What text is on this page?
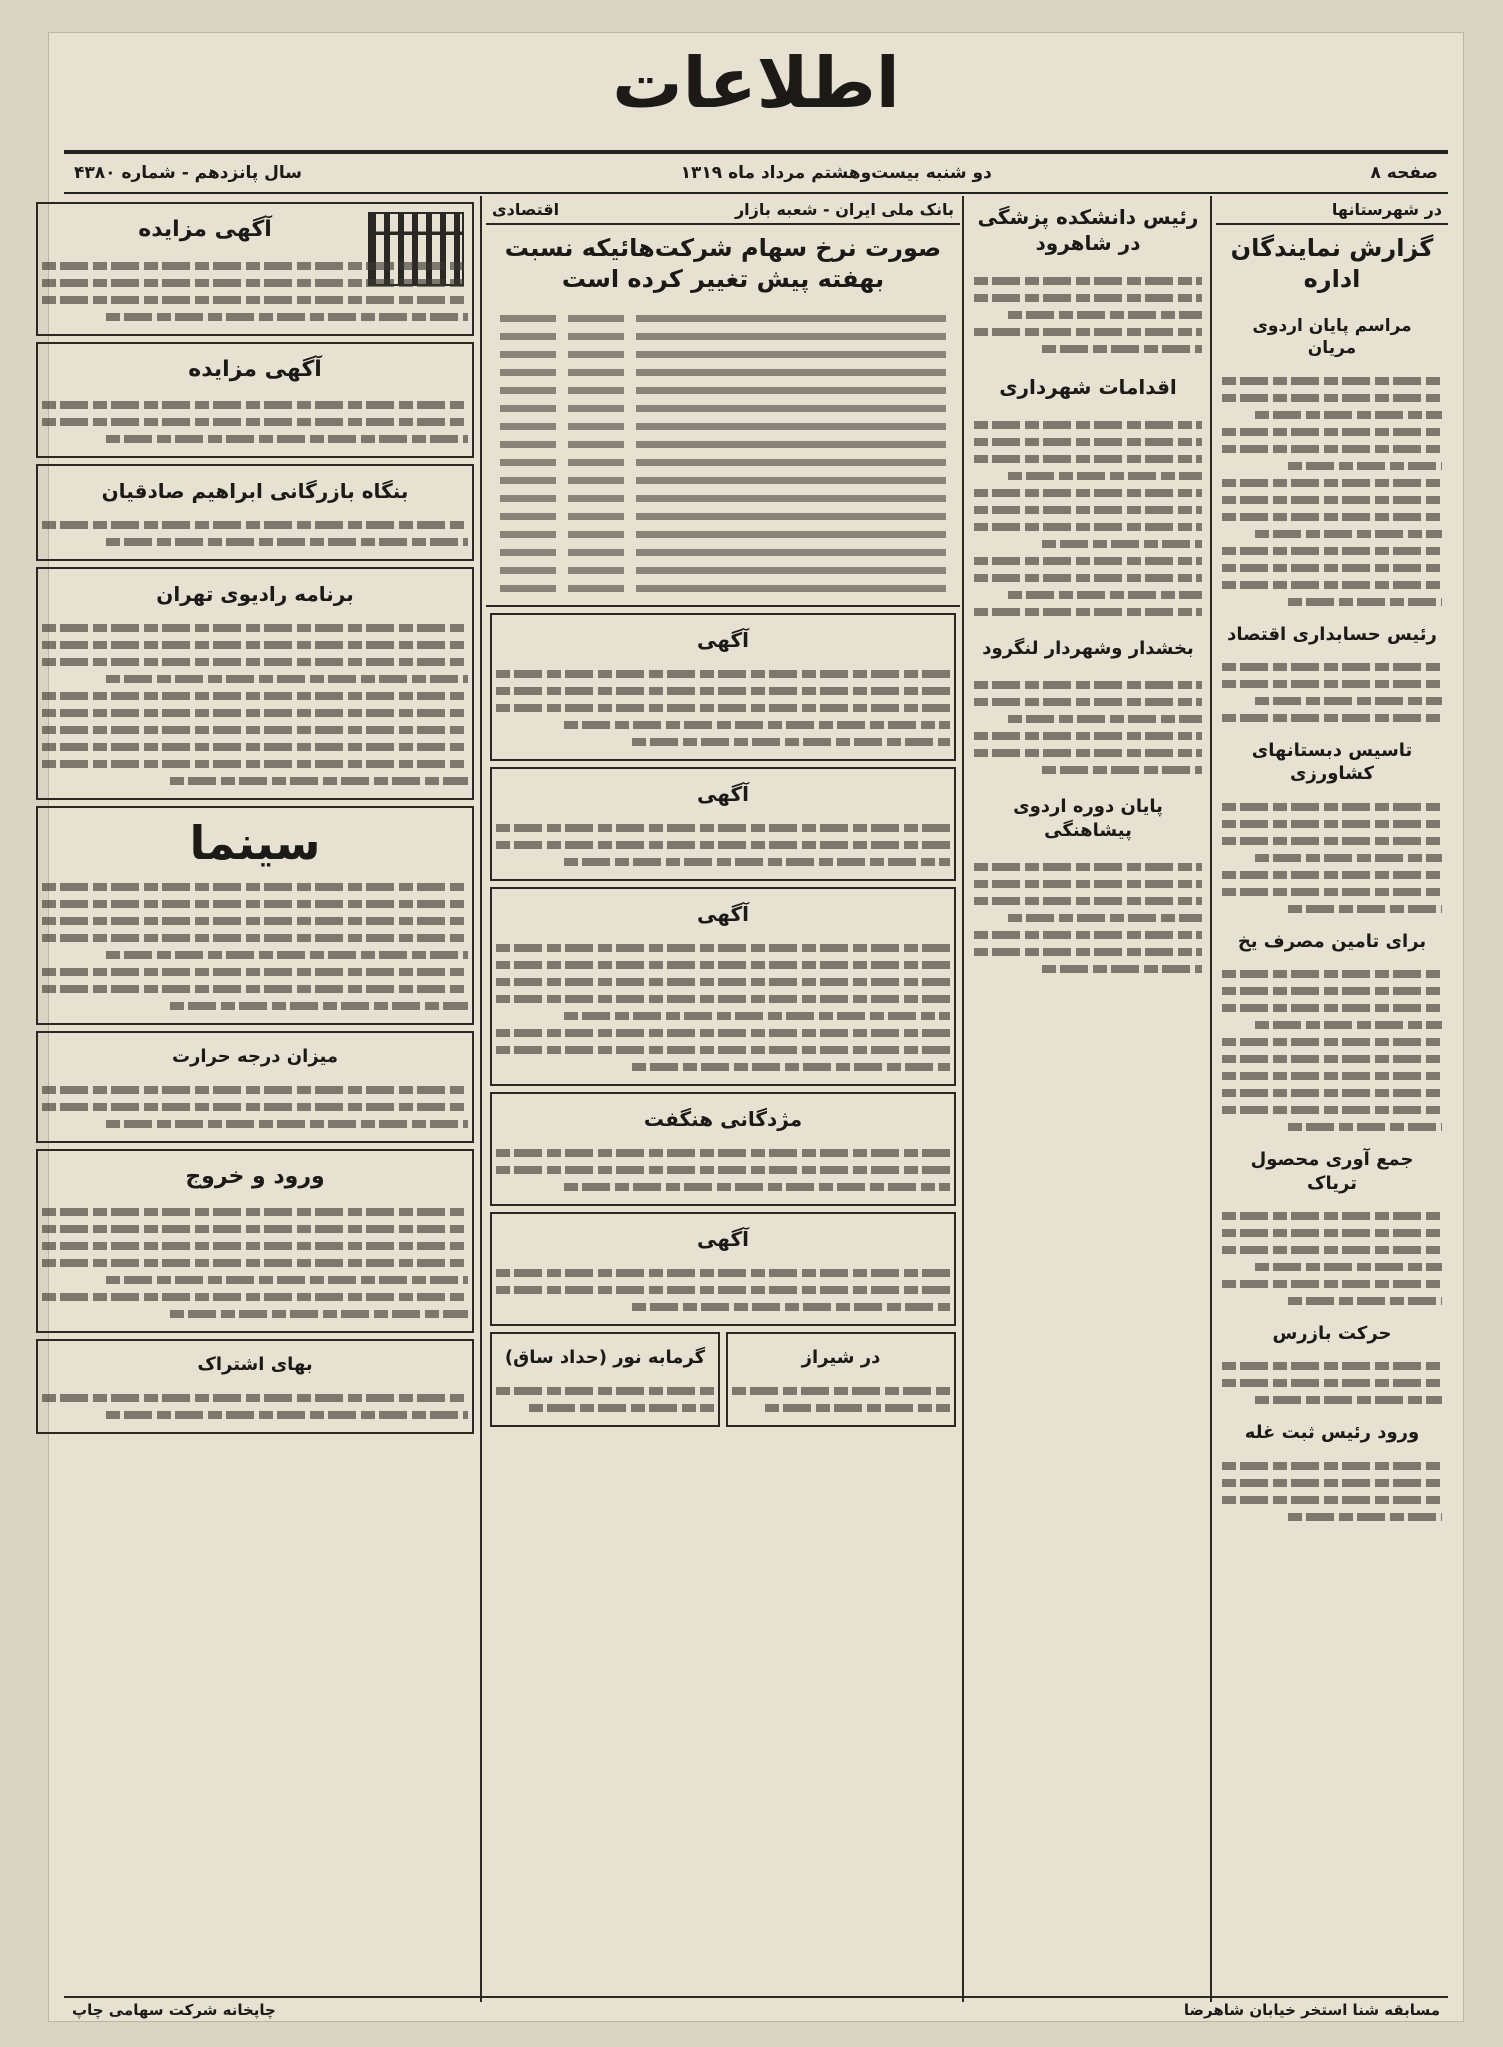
اطلاعات
صفحه ۸
دو شنبه بیست‌وهشتم مرداد ماه ۱۳۱۹
سال پانزدهم - شماره ۴۳۸۰
در شهرستانها
گزارش نمایندگان اداره
مراسم پایان اردوی مریان
رئیس حسابداری اقتصاد
تاسیس دبستانهای کشاورزی
برای تامین مصرف یخ
جمع آوری محصول تریاک
حرکت بازرس
ورود رئیس ثبت غله
رئیس دانشکده پزشگی در شاهرود
اقدامات شهرداری
بخشدار وشهردار لنگرود
پایان دوره اردوی پیشاهنگی
بانک ملی ایران - شعبه بازار
اقتصادی
صورت نرخ سهام شرکت‌هائیکه نسبت بهفته پیش تغییر کرده است
آگهی
آگهی
آگهی
مژدگانی هنگفت
آگهی
در شیراز
گرمابه نور (حداد ساق)
آگهی مزایده
آگهی مزایده
بنگاه بازرگانی ابراهیم صادقیان
برنامه رادیوی تهران
سینما
میزان درجه حرارت
ورود و خروج
بهای اشتراک
مسابقه شنا استخر خیابان شاهرضا
چاپخانه شرکت سهامی چاپ
